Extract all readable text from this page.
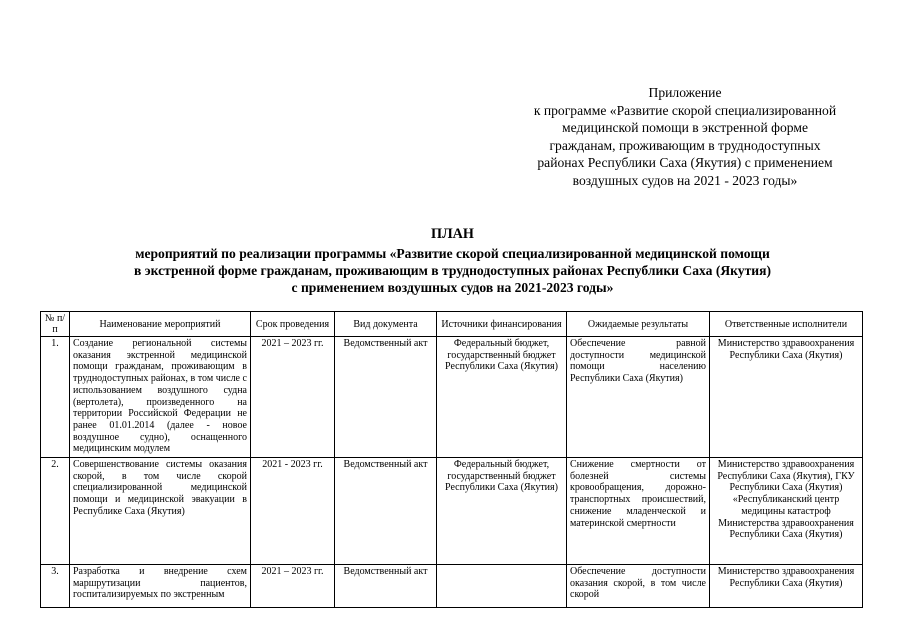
Приложение
к программе «Развитие скорой специализированной
медицинской помощи в экстренной форме
гражданам, проживающим в труднодоступных
районах Республики Саха (Якутия) с применением
воздушных судов на 2021 - 2023 годы»
ПЛАН
мероприятий по реализации программы «Развитие скорой специализированной медицинской помощи
в экстренной форме гражданам, проживающим в труднодоступных районах Республики Саха (Якутия)
с применением воздушных судов на 2021-2023 годы»
№ п/п	Наименование мероприятий	Срок проведения	Вид документа	Источники финансирования	Ожидаемые результаты	Ответственные исполнители
1.	Создание региональной системы оказания экстренной медицинской помощи гражданам, проживающим в труднодоступных районах, в том числе с использованием воздушного судна (вертолета), произведенного на территории Российской Федерации не ранее 01.01.2014 (далее - новое воздушное судно), оснащенного медицинским модулем	2021 – 2023 гг.	Ведомственный акт	Федеральный бюджет, государственный бюджет Республики Саха (Якутия)	Обеспечение равной доступности медицинской помощи населению Республики Саха (Якутия)	Министерство здравоохранения Республики Саха (Якутия)
2.	Совершенствование системы оказания скорой, в том числе скорой специализированной медицинской помощи и медицинской эвакуации в Республике Саха (Якутия)	2021 - 2023 гг.	Ведомственный акт	Федеральный бюджет, государственный бюджет Республики Саха (Якутия)	Снижение смертности от болезней системы кровообращения, дорожно-транспортных происшествий, снижение младенческой и материнской смертности	Министерство здравоохранения Республики Саха (Якутия), ГКУ Республики Саха (Якутия) «Республиканский центр медицины катастроф Министерства здравоохранения Республики Саха (Якутия)
3.	Разработка и внедрение схем маршрутизации пациентов, госпитализируемых по экстренным	2021 – 2023 гг.	Ведомственный акт		Обеспечение доступности оказания скорой, в том числе скорой	Министерство здравоохранения Республики Саха (Якутия)
